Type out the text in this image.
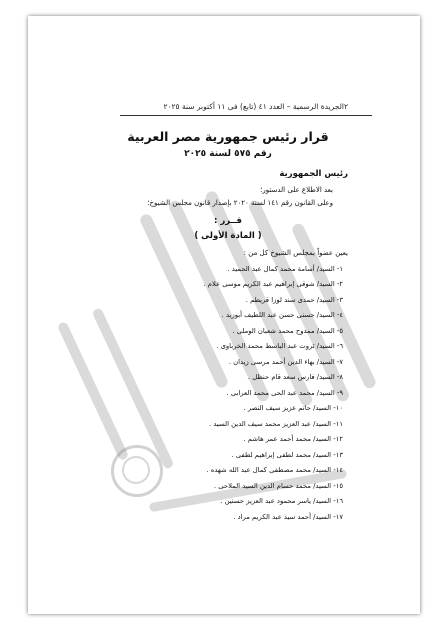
٢
الجريدة الرسمية – العدد ٤١ (تابع) فى ١١ أكتوبر سنة ٢٠٢٥
قرار رئيس جمهورية مصر العربية
رقم ٥٧٥ لسنة ٢٠٢٥
رئيس الجمهورية
بعد الاطلاع على الدستور؛
وعلى القانون رقم ١٤١ لسنة ٢٠٢٠ بإصدار قانون مجلس الشيوخ؛
قــرر :
( المادة الأولى )
يعين عضواً بمجلس الشيوخ كل من :
١- السيد/ أسامة محمد كمال عبد الحميد .
٢- السيد/ شوقى إبراهيم عبد الكريم موسى علام .
٣- السيد/ حمدى سند لوزا قريطم .
٤- السيد/ حسنى حسن عبد اللطيف أبوزيد .
٥- السيد/ ممدوح محمد شعبان الوملى .
٦- السيد/ ثروت عبد الباسط محمد الخرباوى .
٧- السيد/ بهاء الدين أحمد مرسى زيدان .
٨- السيد/ فارس سعد قام حنظل .
٩- السيد/ محمد عبد الحى محمد العرابى .
١٠- السيد/ حاتم عزيز سيف النصر .
١١- السيد/ عبد العزيز محمد سيف الدين السيد .
١٢- السيد/ محمد أحمد عمر هاشم .
١٣- السيد/ محمد لطفى إبراهيم لطفى .
١٤- السيد/ محمد مصطفى كمال عبد الله شهده .
١٥- السيد/ محمد حسام الدين السيد الملاحى .
١٦- السيد/ ياسر محمود عبد العزيز حسنين .
١٧- السيد/ أحمد سيد عبد الكريم مراد .
